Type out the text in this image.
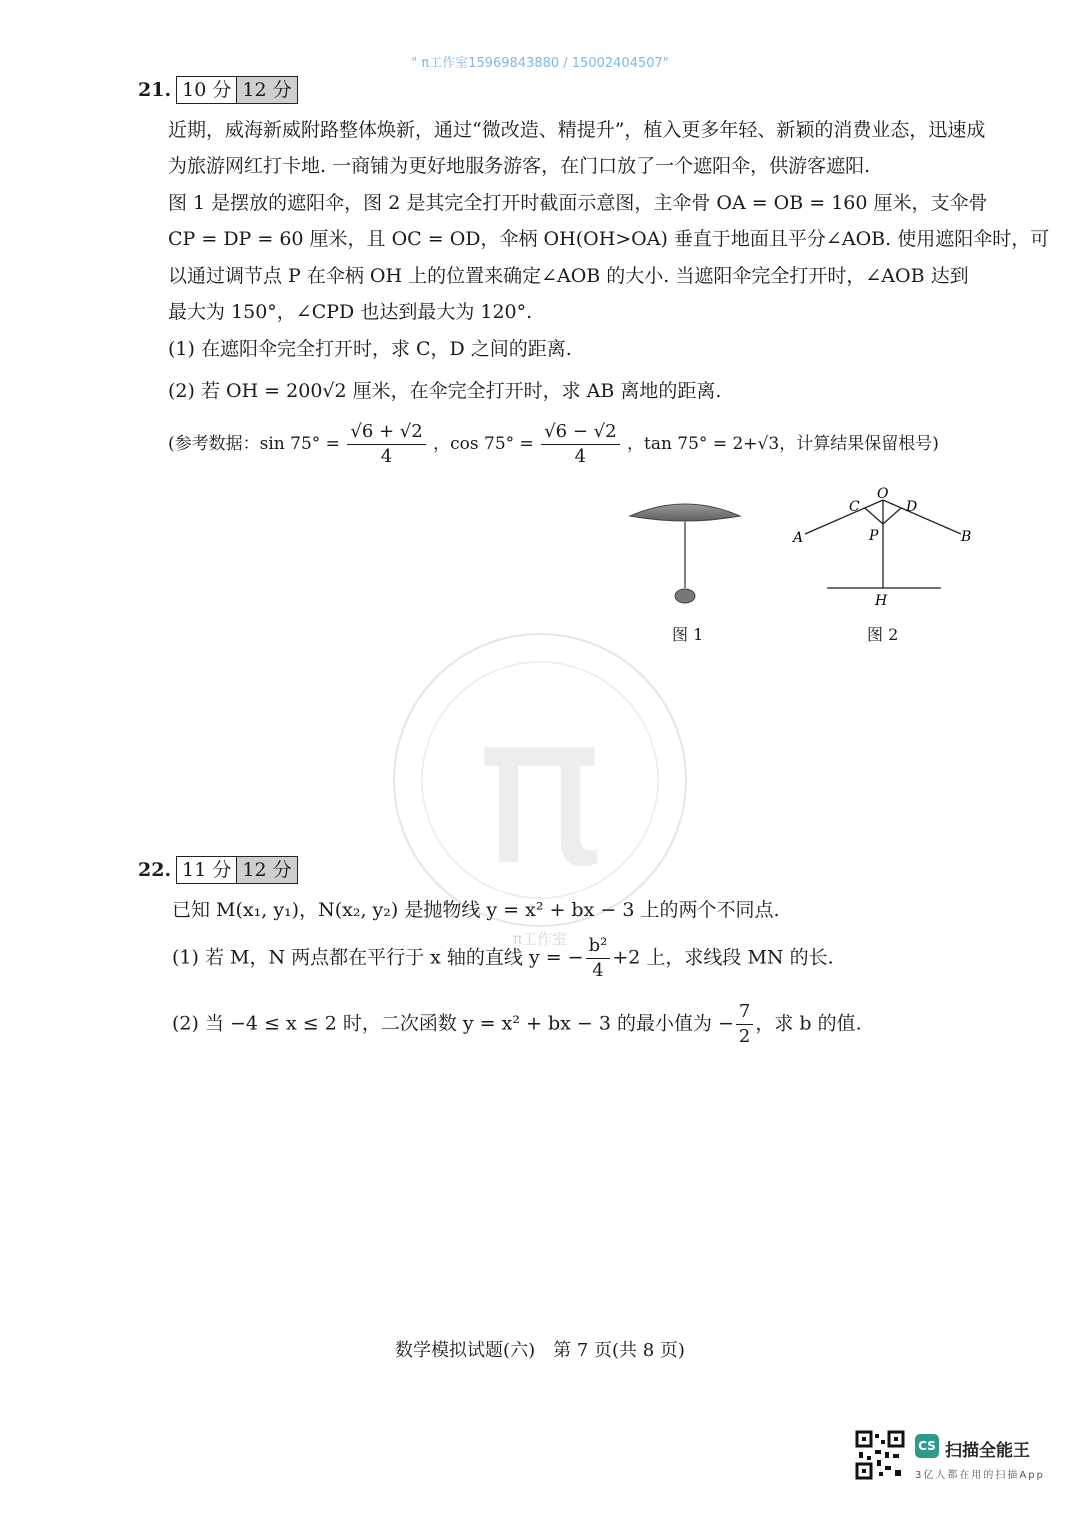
" π工作室15969843880 / 15002404507"
21. 10 分 12 分
近期，威海新威附路整体焕新，通过“微改造、精提升”，植入更多年轻、新颖的消费业态，迅速成
为旅游网红打卡地. 一商铺为更好地服务游客，在门口放了一个遮阳伞，供游客遮阳.
图 1 是摆放的遮阳伞，图 2 是其完全打开时截面示意图，主伞骨 OA = OB = 160 厘米，支伞骨
CP = DP = 60 厘米，且 OC = OD，伞柄 OH(OH>OA) 垂直于地面且平分∠AOB. 使用遮阳伞时，可
以通过调节点 P 在伞柄 OH 上的位置来确定∠AOB 的大小. 当遮阳伞完全打开时，∠AOB 达到
最大为 150°，∠CPD 也达到最大为 120°.
(1) 在遮阳伞完全打开时，求 C，D 之间的距离.
(2) 若 OH = 200√2 厘米，在伞完全打开时，求 AB 离地的距离.
(参考数据：$\sin 75^\circ = \frac{√6 + √2}{4}$ ，$\cos 75^\circ = \frac{√6 - √2}{4}$ ，tan 75° = 2+√3，计算结果保留根号)
图 1
O
C	D
A	B
P
H
图 2
π
π工作室
22. 11 分 12 分
已知 M(x₁, y₁)，N(x₂, y₂) 是抛物线 y = x² + bx − 3 上的两个不同点.
(1) 若 M，N 两点都在平行于 x 轴的直线 y = − $\frac{\text{b²}}{4} +2$ 上，求线段 MN 的长.
(2) 当 −4 ≤ x ≤ 2 时，二次函数 y = x² + bx − 3 的最小值为 − $\frac{7}{2}$ ，求 b 的值.
数学模拟试题(六)　第 7 页(共 8 页)
CS 扫描全能王
3亿人都在用的扫描App
